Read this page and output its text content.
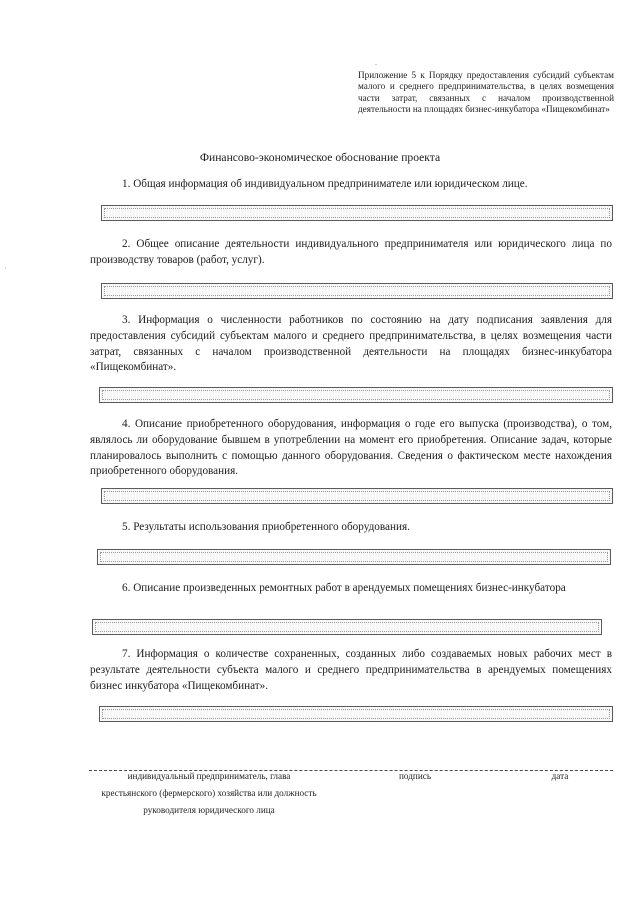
.
·
Приложение 5 к Порядку предоставления субсидий субъектам малого и среднего предпринимательства, в целях возмещения части затрат, связанных с началом производственной деятельности на площадях бизнес-инкубатора «Пищекомбинат»
Финансово-экономическое обоснование проекта

1. Общая информация об индивидуальном предпринимателе или юридическом лице.

2. Общее описание деятельности индивидуального предпринимателя или юридического лица по производству товаров (работ, услуг).

3. Информация о численности работников по состоянию на дату подписания заявления для предоставления субсидий субъектам малого и среднего предпринимательства, в целях возмещения части затрат, связанных с началом производственной деятельности на площадях бизнес-инкубатора «Пищекомбинат».

4. Описание приобретенного оборудования, информация о годе его выпуска (производства), о том, являлось ли оборудование бывшем в употреблении на момент его приобретения. Описание задач, которые планировалось выполнить с помощью данного оборудования. Сведения о фактическом месте нахождения приобретенного оборудования.

5. Результаты использования приобретенного оборудования.

6. Описание произведенных ремонтных работ в арендуемых помещениях бизнес-инкубатора

7. Информация о количестве сохраненных, созданных либо создаваемых новых рабочих мест в результате деятельности субъекта малого и среднего предпринимательства в арендуемых помещениях бизнес инкубатора «Пищекомбинат».

индивидуальный предприниматель, глава крестьянского (фермерского) хозяйства или должность руководителя юридического лица
подпись	дата
